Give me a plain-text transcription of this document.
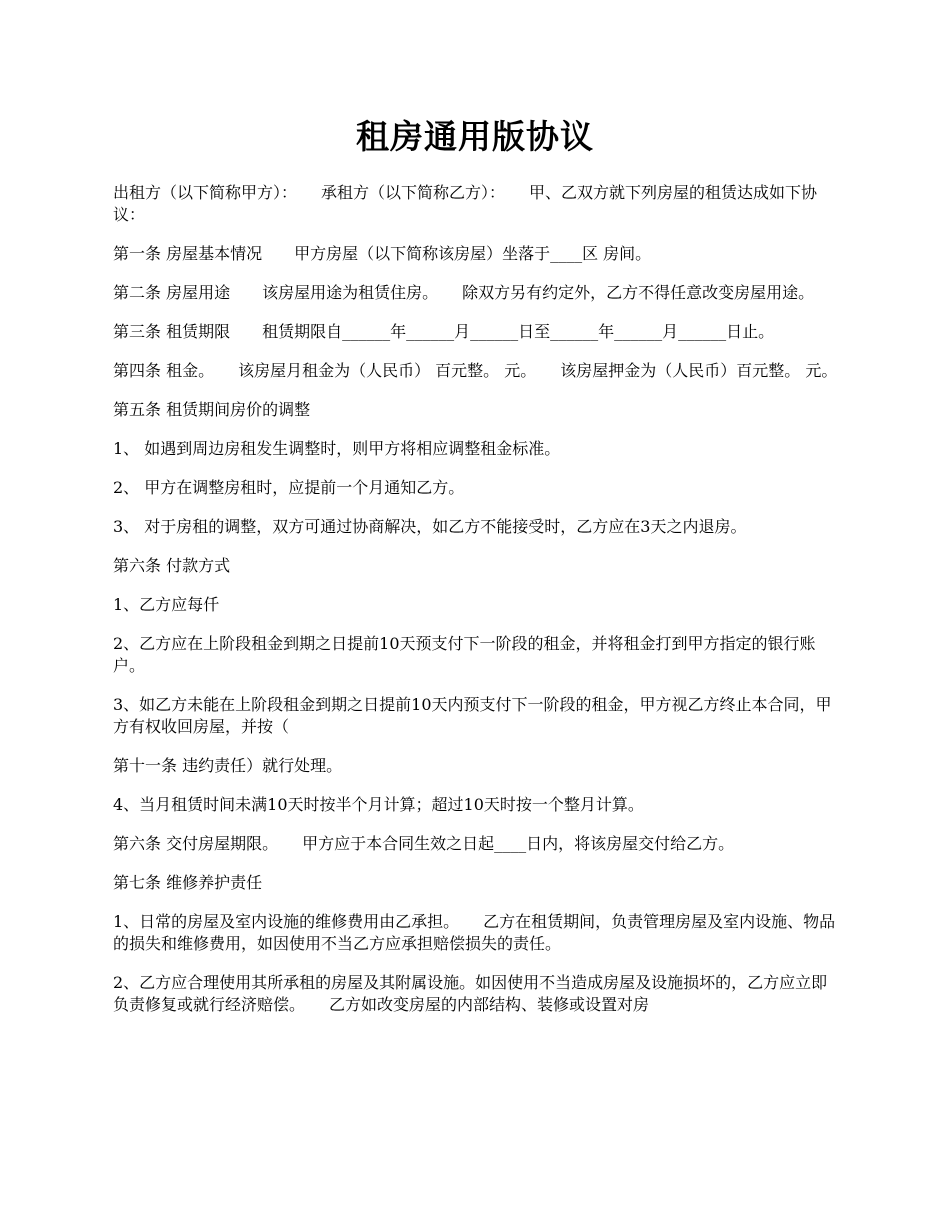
租房通用版协议

出租方（以下简称甲方）：　　承租方（以下简称乙方）：　　甲、乙双方就下列房屋的租赁达成如下协议：

第一条 房屋基本情况　　甲方房屋（以下简称该房屋）坐落于____区 房间。

第二条 房屋用途　　该房屋用途为租赁住房。　　除双方另有约定外，乙方不得任意改变房屋用途。

第三条 租赁期限　　租赁期限自______年______月______日至______年______月______日止。

第四条 租金。　　该房屋月租金为（人民币） 百元整。 元。　　该房屋押金为（人民币）百元整。 元。

第五条 租赁期间房价的调整

1、 如遇到周边房租发生调整时，则甲方将相应调整租金标准。

2、 甲方在调整房租时，应提前一个月通知乙方。

3、 对于房租的调整，双方可通过协商解决，如乙方不能接受时，乙方应在3天之内退房。

第六条 付款方式

1、乙方应每仟

2、乙方应在上阶段租金到期之日提前10天预支付下一阶段的租金，并将租金打到甲方指定的银行账户。

3、如乙方未能在上阶段租金到期之日提前10天内预支付下一阶段的租金，甲方视乙方终止本合同，甲方有权收回房屋，并按（

第十一条 违约责任）就行处理。

4、当月租赁时间未满10天时按半个月计算；超过10天时按一个整月计算。

第六条 交付房屋期限。　　甲方应于本合同生效之日起____日内，将该房屋交付给乙方。

第七条 维修养护责任

1、日常的房屋及室内设施的维修费用由乙承担。　　乙方在租赁期间，负责管理房屋及室内设施、物品的损失和维修费用，如因使用不当乙方应承担赔偿损失的责任。

2、乙方应合理使用其所承租的房屋及其附属设施。如因使用不当造成房屋及设施损坏的，乙方应立即负责修复或就行经济赔偿。　　乙方如改变房屋的内部结构、装修或设置对房
